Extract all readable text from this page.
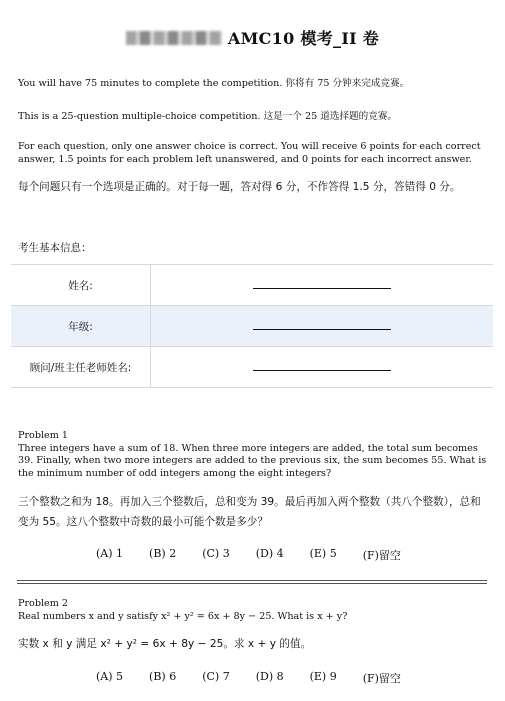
AMC10 模考_II 卷
You will have 75 minutes to complete the competition. 你将有 75 分钟来完成竞赛。
This is a 25-question multiple-choice competition. 这是一个 25 道选择题的竞赛。
For each question, only one answer choice is correct. You will receive 6 points for each correct answer, 1.5 points for each problem left unanswered, and 0 points for each incorrect answer.
每个问题只有一个选项是正确的。对于每一题，答对得 6 分，不作答得 1.5 分，答错得 0 分。
考生基本信息：
姓名:	
年级:	
顾问/班主任老师姓名:	
Problem 1
Three integers have a sum of 18. When three more integers are added, the total sum becomes 39. Finally, when two more integers are added to the previous six, the sum becomes 55. What is the minimum number of odd integers among the eight integers?
三个整数之和为 18。再加入三个整数后，总和变为 39。最后再加入两个整数（共八个整数），总和变为 55。这八个整数中奇数的最小可能个数是多少？
(A) 1 (B) 2 (C) 3 (D) 4 (E) 5 (F)留空
Problem 2
Real numbers x and y satisfy x² + y² = 6x + 8y − 25. What is x + y?
实数 x 和 y 满足 x² + y² = 6x + 8y − 25。求 x + y 的值。
(A) 5 (B) 6 (C) 7 (D) 8 (E) 9 (F)留空
